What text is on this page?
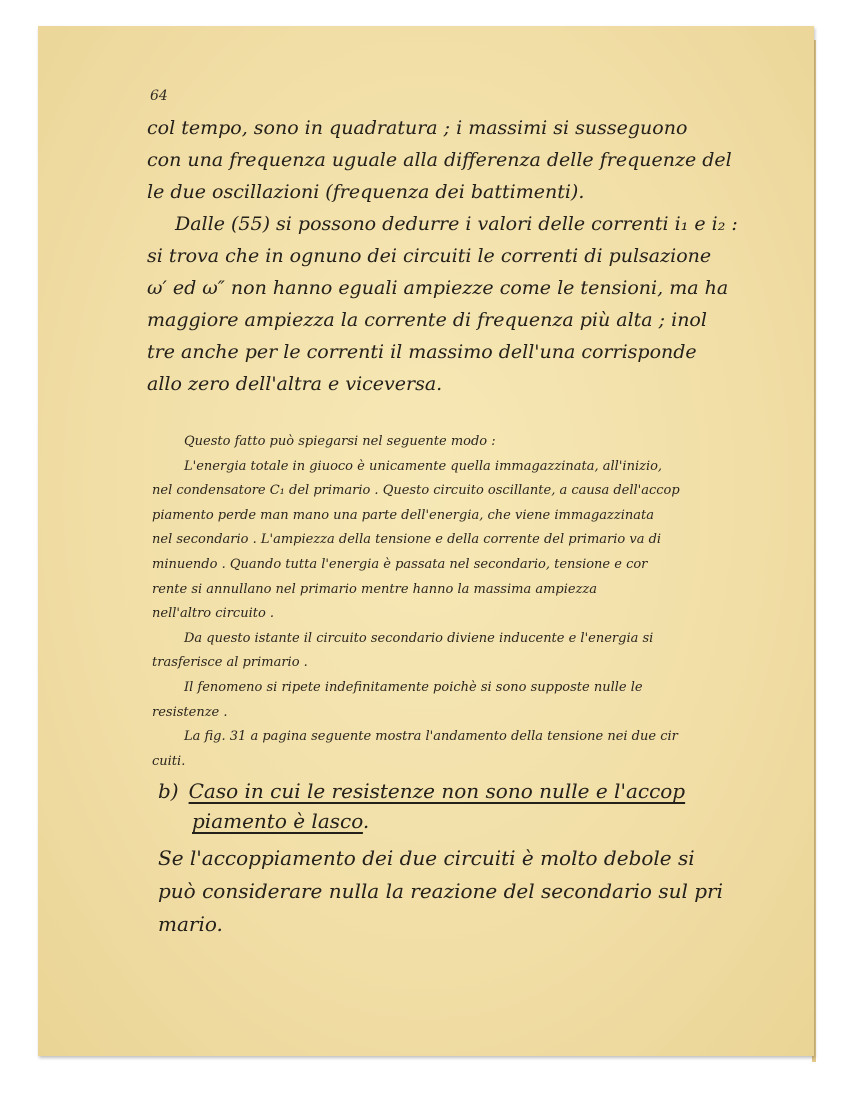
64

col tempo, sono in quadratura ; i massimi si susseguono

con una frequenza uguale alla differenza delle frequenze del

le due oscillazioni (frequenza dei battimenti).

Dalle (55) si possono dedurre i valori delle correnti i₁ e i₂ :

si trova che in ognuno dei circuiti le correnti di pulsazione

ω′ ed ω″ non hanno eguali ampiezze come le tensioni, ma ha

maggiore ampiezza la corrente di frequenza più alta ; inol

tre anche per le correnti il massimo dell'una corrisponde

allo zero dell'altra e viceversa.

Questo fatto può spiegarsi nel seguente modo :

L'energia totale in giuoco è unicamente quella immagazzinata, all'inizio,

nel condensatore C₁ del primario . Questo circuito oscillante, a causa dell'accop

piamento perde man mano una parte dell'energia, che viene immagazzinata

nel secondario . L'ampiezza della tensione e della corrente del primario va di

minuendo . Quando tutta l'energia è passata nel secondario, tensione e cor

rente si annullano nel primario mentre hanno la massima ampiezza

nell'altro circuito .

Da questo istante il circuito secondario diviene inducente e l'energia si

trasferisce al primario .

Il fenomeno si ripete indefinitamente poichè si sono supposte nulle le

resistenze .

La fig. 31 a pagina seguente mostra l'andamento della tensione nei due cir

cuiti.

b) Caso in cui le resistenze non sono nulle e l'accop
piamento è lasco.

Se l'accoppiamento dei due circuiti è molto debole si

può considerare nulla la reazione del secondario sul pri

mario.
